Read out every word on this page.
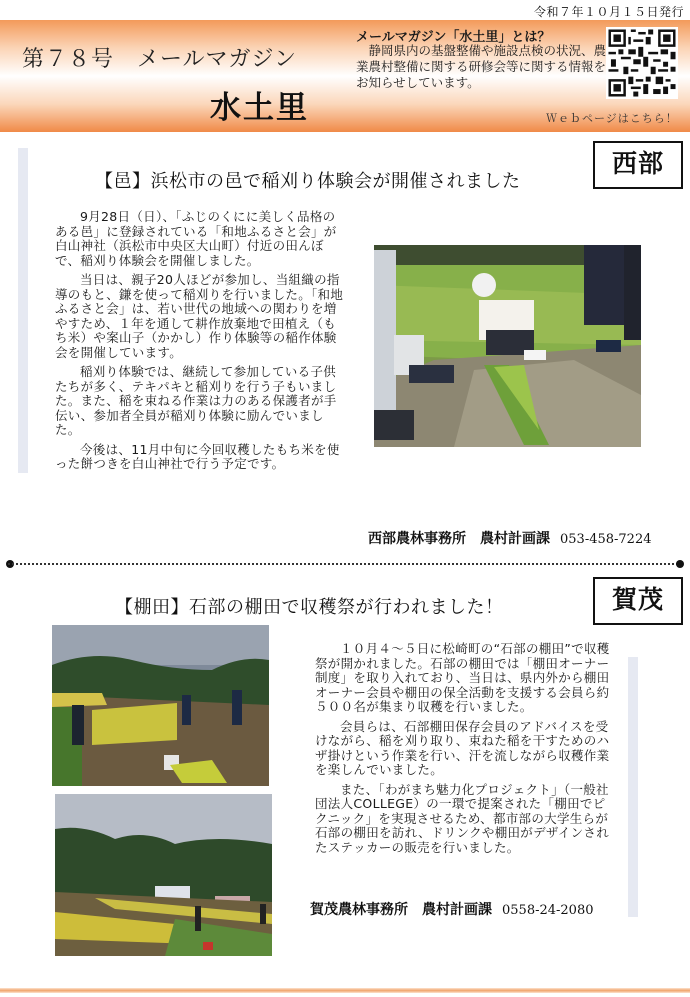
令和７年１０月１５日発行
第７８号　メールマガジン
水土里
メールマガジン「水土里」とは？

静岡県内の基盤整備や施設点検の状況、農業農村整備に関する研修会等に関する情報をお知らせしています。

Ｗｅｂページはこちら！
【邑】浜松市の邑で稲刈り体験会が開催されました
西部

9月28日（日）、「ふじのくにに美しく品格のある邑」に登録されている「和地ふるさと会」が白山神社（浜松市中央区大山町）付近の田んぼで、稲刈り体験会を開催しました。

当日は、親子20人ほどが参加し、当組織の指導のもと、鎌を使って稲刈りを行いました。「和地ふるさと会」は、若い世代の地域への関わりを増やすため、１年を通して耕作放棄地で田植え（もち米）や案山子（かかし）作り体験等の稲作体験会を開催しています。

稲刈り体験では、継続して参加している子供たちが多く、テキパキと稲刈りを行う子もいました。また、稲を束ねる作業は力のある保護者が手伝い、参加者全員が稲刈り体験に励んでいました。

今後は、11月中旬に今回収穫したもち米を使った餅つきを白山神社で行う予定です。

西部農林事務所　農村計画課 053-458-7224
【棚田】石部の棚田で収穫祭が行われました！	賀茂

１０月４～５日に松崎町の“石部の棚田”で収穫祭が開かれました。石部の棚田では「棚田オーナー制度」を取り入れており、当日は、県内外から棚田オーナー会員や棚田の保全活動を支援する会員ら約５００名が集まり収穫を行いました。

会員らは、石部棚田保存会員のアドバイスを受けながら、稲を刈り取り、束ねた稲を干すためのハザ掛けという作業を行い、汗を流しながら収穫作業を楽しんでいました。

また、「わがまち魅力化プロジェクト」（一般社団法人COLLEGE）の一環で提案された「棚田でピクニック」を実現させるため、都市部の大学生らが石部の棚田を訪れ、ドリンクや棚田がデザインされたステッカーの販売を行いました。

賀茂農林事務所　農村計画課 0558-24-2080
